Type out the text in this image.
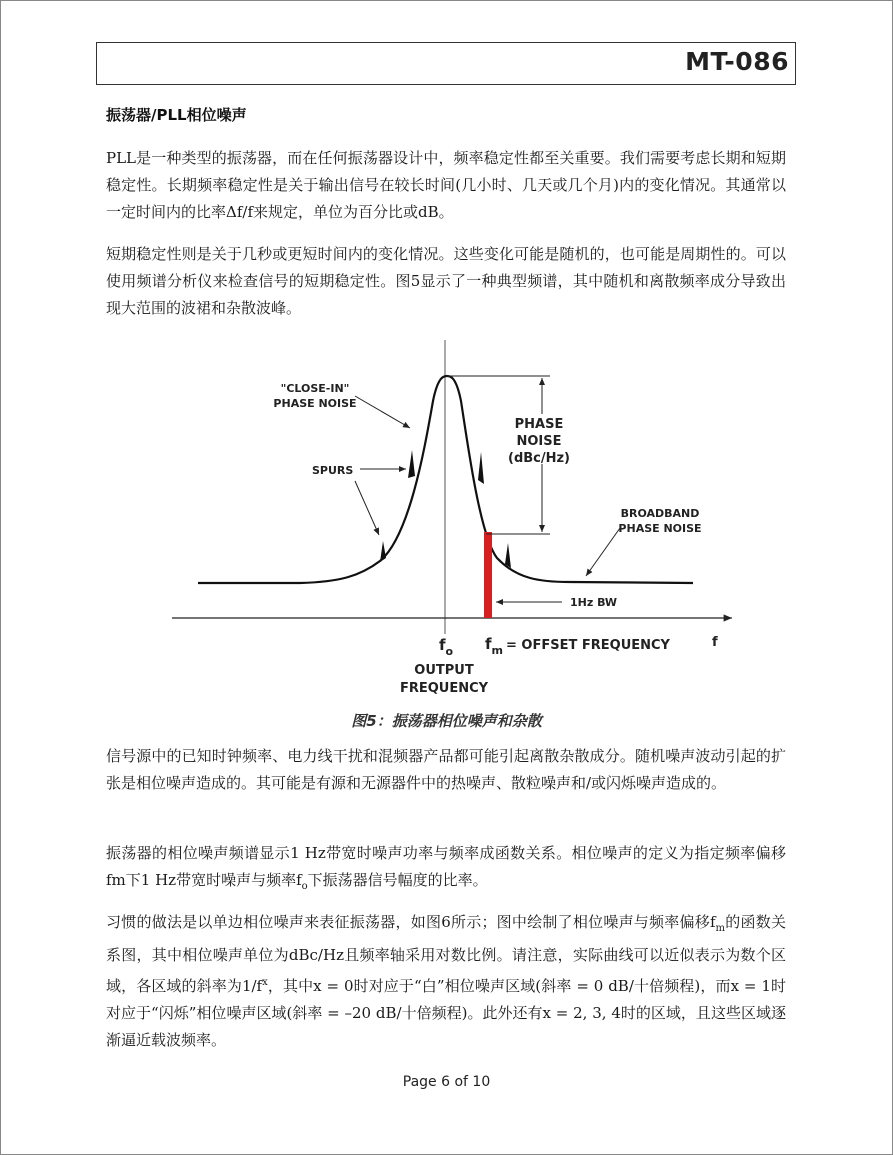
MT-086
振荡器/PLL相位噪声

PLL是一种类型的振荡器，而在任何振荡器设计中，频率稳定性都至关重要。我们需要考虑长期和短期稳定性。长期频率稳定性是关于输出信号在较长时间(几小时、几天或几个月)内的变化情况。其通常以一定时间内的比率Δf/f来规定，单位为百分比或dB。

短期稳定性则是关于几秒或更短时间内的变化情况。这些变化可能是随机的，也可能是周期性的。可以使用频谱分析仪来检查信号的短期稳定性。图5显示了一种典型频谱，其中随机和离散频率成分导致出现大范围的波裙和杂散波峰。

"CLOSE-IN"
PHASE NOISE
SPURS
PHASE
NOISE
(dBc/Hz)
BROADBAND
PHASE NOISE
1Hz BW
$f_o$ $f_m$ = OFFSET FREQUENCY	f
OUTPUT
FREQUENCY
图5：振荡器相位噪声和杂散

信号源中的已知时钟频率、电力线干扰和混频器产品都可能引起离散杂散成分。随机噪声波动引起的扩张是相位噪声造成的。其可能是有源和无源器件中的热噪声、散粒噪声和/或闪烁噪声造成的。

振荡器的相位噪声频谱显示1 Hz带宽时噪声功率与频率成函数关系。相位噪声的定义为指定频率偏移fm下1 Hz带宽时噪声与频率$f_o$下振荡器信号幅度的比率。

习惯的做法是以单边相位噪声来表征振荡器，如图6所示；图中绘制了相位噪声与频率偏移$f_m$的函数关系图，其中相位噪声单位为dBc/Hz且频率轴采用对数比例。请注意，实际曲线可以近似表示为数个区域，各区域的斜率为$1/f^x$，其中x = 0时对应于“白”相位噪声区域(斜率 = 0 dB/十倍频程)，而x = 1时对应于“闪烁”相位噪声区域(斜率 = –20 dB/十倍频程)。此外还有x = 2, 3, 4时的区域，且这些区域逐渐逼近载波频率。

Page 6 of 10
